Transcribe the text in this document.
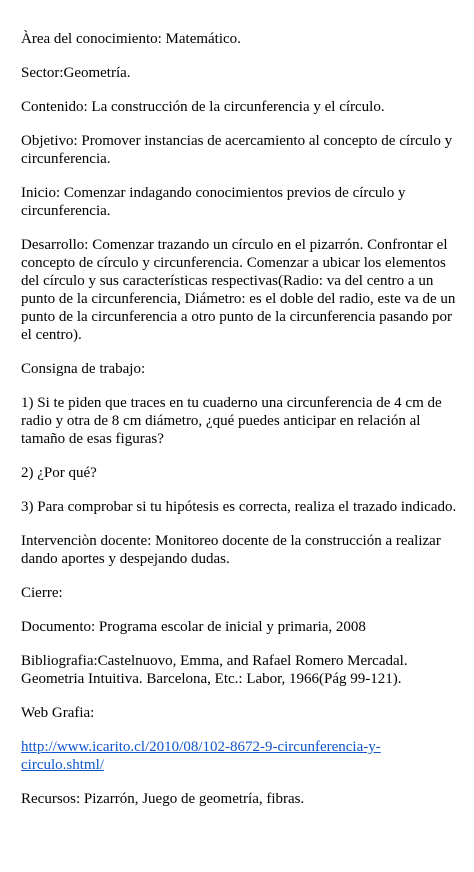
Àrea del conocimiento: Matemático.

Sector:Geometría.

Contenido: La construcción de la circunferencia y el círculo.

Objetivo: Promover instancias de acercamiento al concepto de círculo y circunferencia.

Inicio: Comenzar indagando conocimientos previos de círculo y circunferencia.

Desarrollo: Comenzar trazando un círculo en el pizarrón. Confrontar el concepto de círculo y circunferencia. Comenzar a ubicar los elementos del círculo y sus características respectivas(Radio: va del centro a un punto de la circunferencia, Diámetro: es el doble del radio, este va de un punto de la circunferencia a otro punto de la circunferencia pasando por el centro).

Consigna de trabajo:

1) Si te piden que traces en tu cuaderno una circunferencia de 4 cm de radio y otra de 8 cm diámetro, ¿qué puedes anticipar en relación al tamaño de esas figuras?

2) ¿Por qué?

3) Para comprobar si tu hipótesis es correcta, realiza el trazado indicado.

Intervenciòn docente: Monitoreo docente de la construcción a realizar dando aportes y despejando dudas.

Cierre:

Documento: Programa escolar de inicial y primaria, 2008

Bibliografia:Castelnuovo, Emma, and Rafael Romero Mercadal. Geometria Intuitiva. Barcelona, Etc.: Labor, 1966(Pág 99-121).

Web Grafia:

http://www.icarito.cl/2010/08/102-8672-9-circunferencia-y-circulo.shtml/

Recursos: Pizarrón, Juego de geometría, fibras.
